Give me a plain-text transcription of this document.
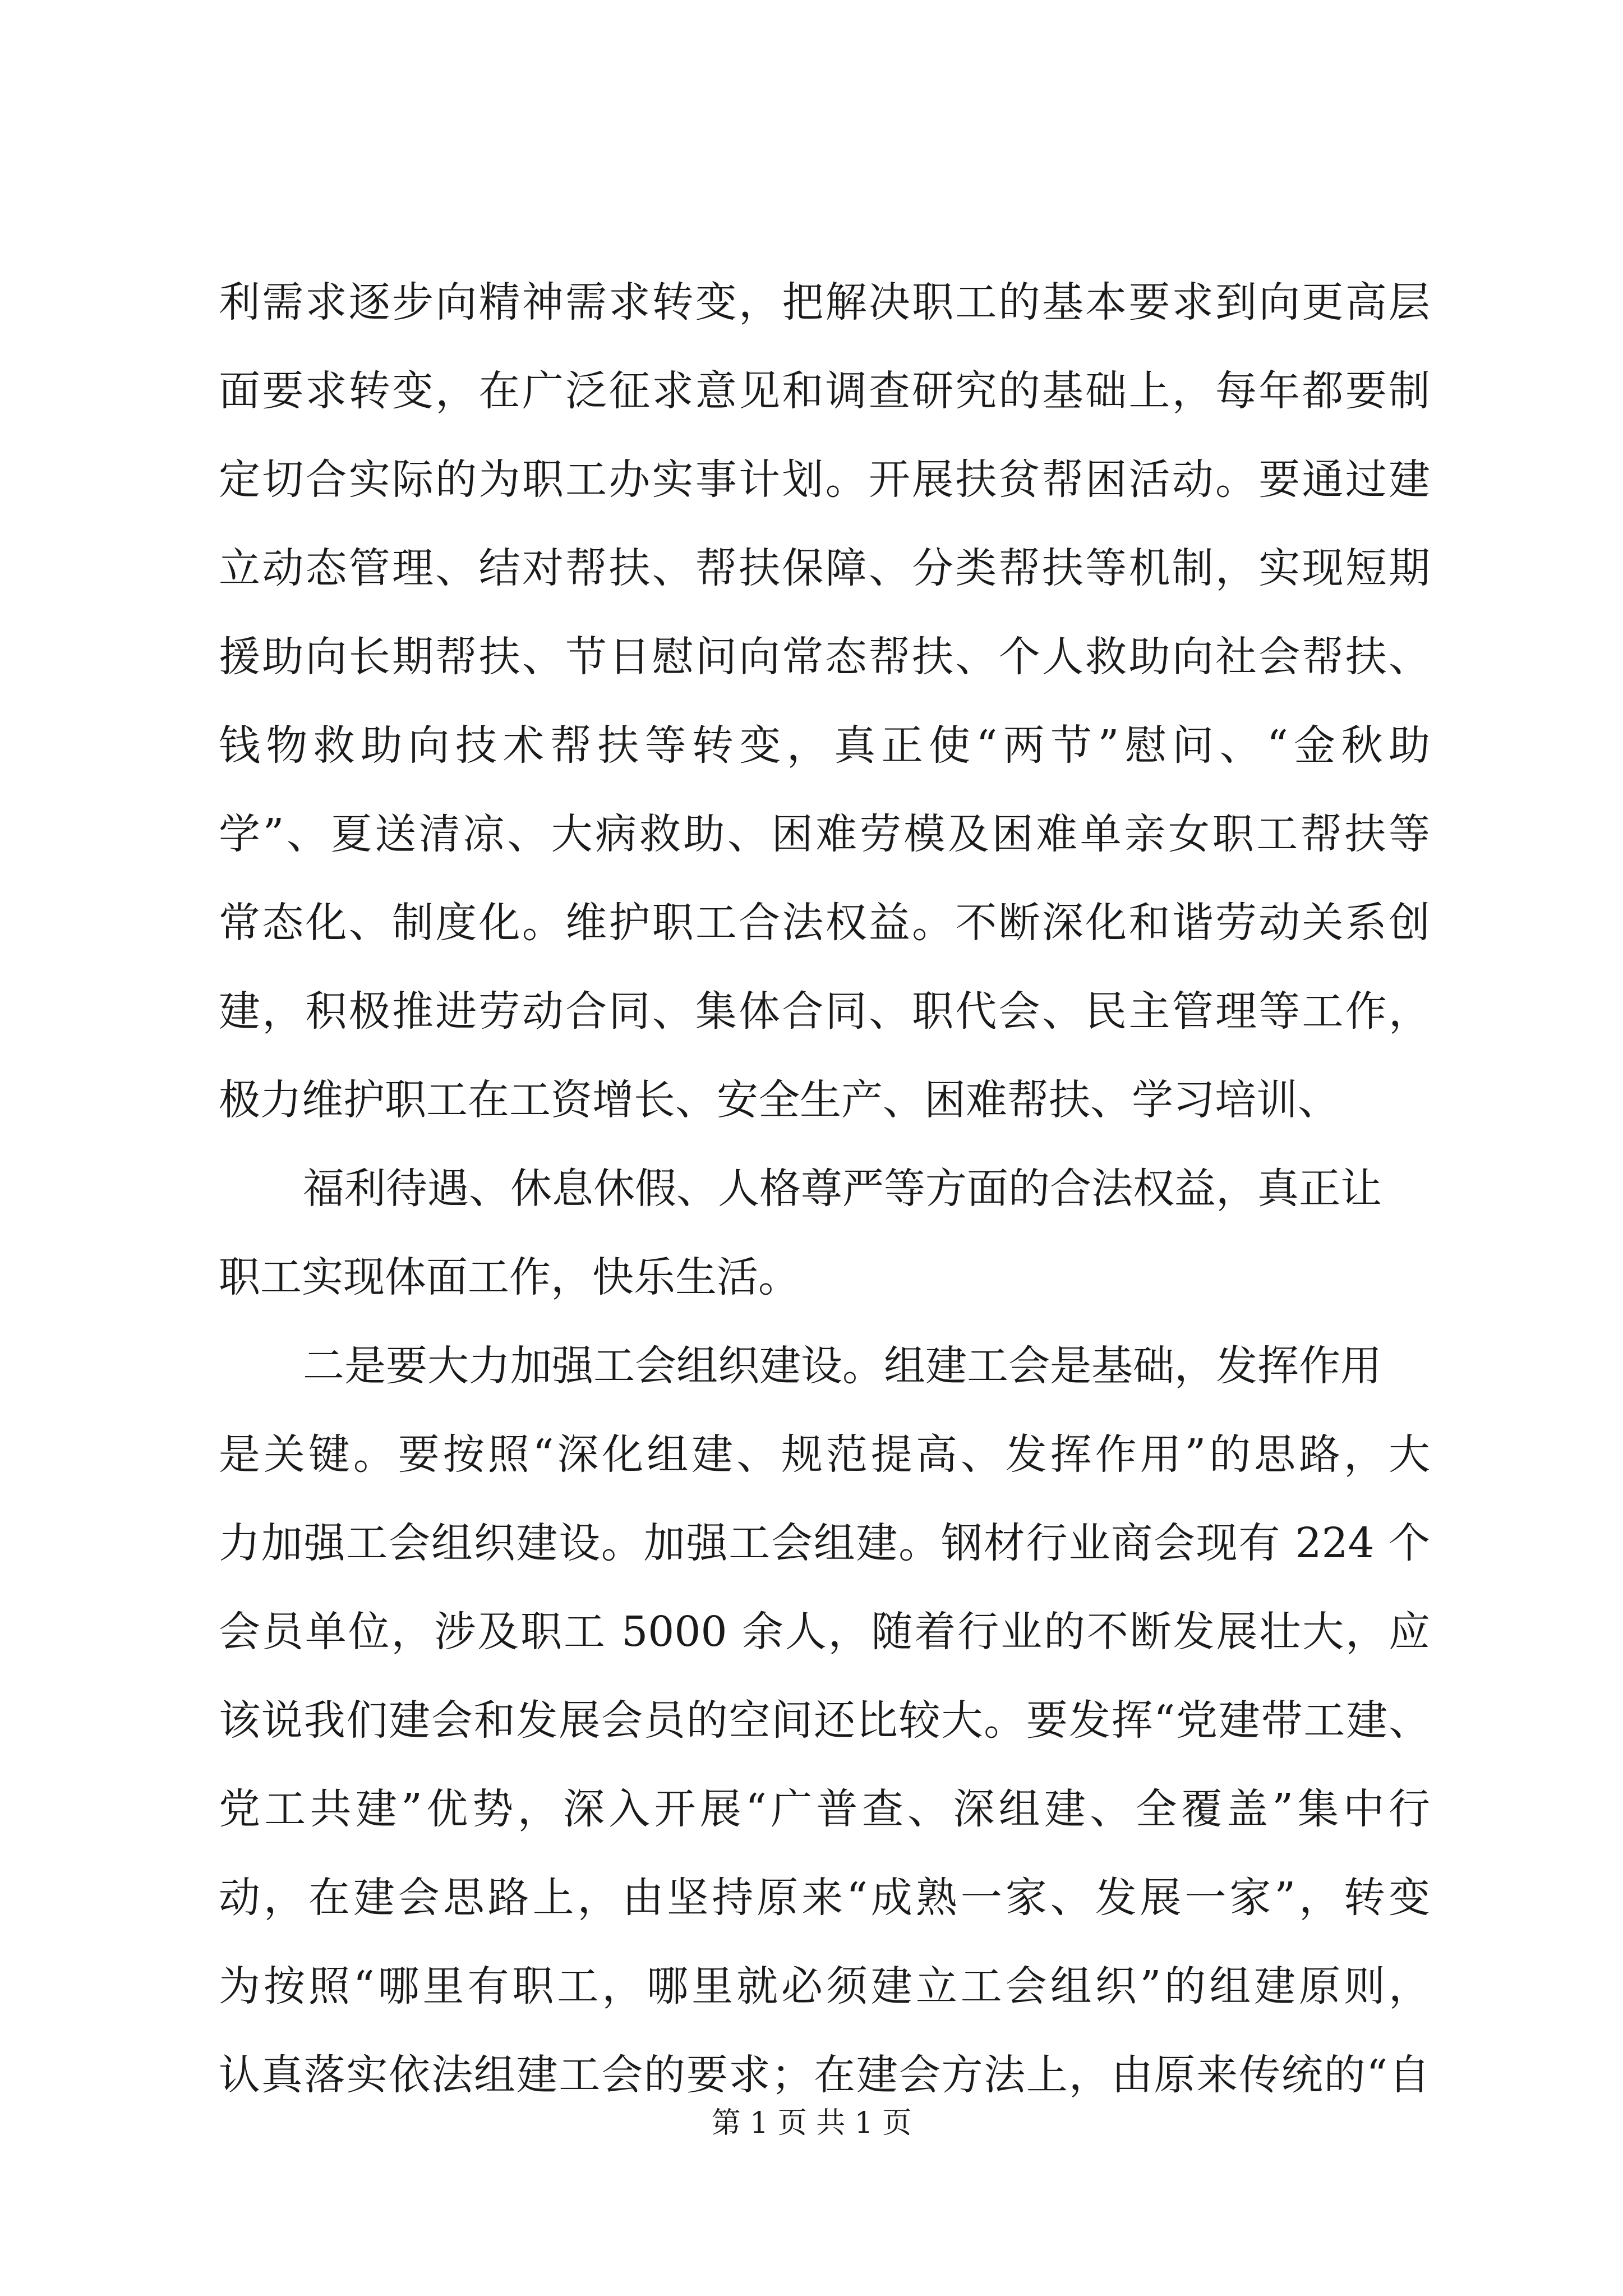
利需求逐步向精神需求转变，把解决职工的基本要求到向更高层
面要求转变，在广泛征求意见和调查研究的基础上，每年都要制
定切合实际的为职工办实事计划。开展扶贫帮困活动。要通过建
立动态管理、结对帮扶、帮扶保障、分类帮扶等机制，实现短期
援助向长期帮扶、节日慰问向常态帮扶、个人救助向社会帮扶、
钱物救助向技术帮扶等转变，真正使“两节”慰问、“金秋助
学”、夏送清凉、大病救助、困难劳模及困难单亲女职工帮扶等
常态化、制度化。维护职工合法权益。不断深化和谐劳动关系创
建，积极推进劳动合同、集体合同、职代会、民主管理等工作，
极力维护职工在工资增长、安全生产、困难帮扶、学习培训、
福利待遇、休息休假、人格尊严等方面的合法权益，真正让
职工实现体面工作，快乐生活。
二是要大力加强工会组织建设。组建工会是基础，发挥作用
是关键。要按照“深化组建、规范提高、发挥作用”的思路，大
力加强工会组织建设。加强工会组建。钢材行业商会现有 224 个
会员单位，涉及职工 5000 余人，随着行业的不断发展壮大，应
该说我们建会和发展会员的空间还比较大。要发挥“党建带工建、
党工共建”优势，深入开展“广普查、深组建、全覆盖”集中行
动，在建会思路上，由坚持原来“成熟一家、发展一家”，转变
为按照“哪里有职工，哪里就必须建立工会组织”的组建原则，
认真落实依法组建工会的要求；在建会方法上，由原来传统的“自
第 1 页 共 1 页
